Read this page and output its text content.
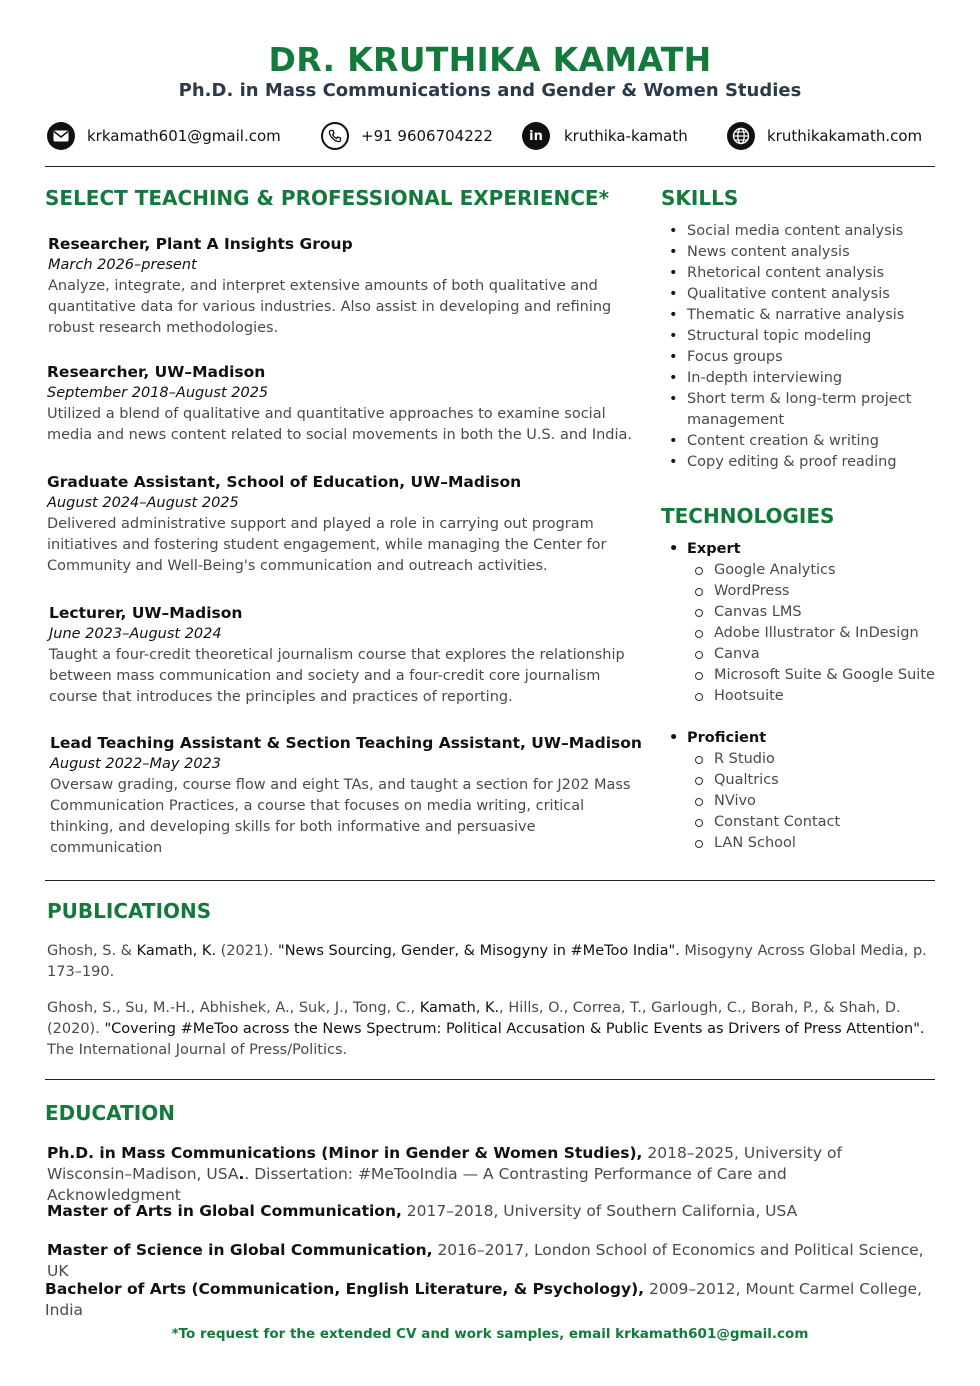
DR. KRUTHIKA KAMATH
Ph.D. in Mass Communications and Gender & Women Studies
krkamath601@gmail.com	+91 9606704222	in	kruthika-kamath	kruthikakamath.com
SELECT TEACHING & PROFESSIONAL EXPERIENCE*
Researcher, Plant A Insights Group
March 2026–present
Analyze, integrate, and interpret extensive amounts of both qualitative and quantitative data for various industries. Also assist in developing and refining robust research methodologies.
Researcher, UW–Madison
September 2018–August 2025
Utilized a blend of qualitative and quantitative approaches to examine social media and news content related to social movements in both the U.S. and India.
Graduate Assistant, School of Education, UW–Madison
August 2024–August 2025
Delivered administrative support and played a role in carrying out program initiatives and fostering student engagement, while managing the Center for Community and Well-Being's communication and outreach activities.
Lecturer, UW–Madison
June 2023–August 2024
Taught a four-credit theoretical journalism course that explores the relationship between mass communication and society and a four-credit core journalism course that introduces the principles and practices of reporting.
Lead Teaching Assistant & Section Teaching Assistant, UW–Madison
August 2022–May 2023
Oversaw grading, course flow and eight TAs, and taught a section for J202 Mass Communication Practices, a course that focuses on media writing, critical thinking, and developing skills for both informative and persuasive communication
SKILLS
• Social media content analysis
• News content analysis
• Rhetorical content analysis
• Qualitative content analysis
• Thematic & narrative analysis
• Structural topic modeling
• Focus groups
• In-depth interviewing
• Short term & long-term project management
• Content creation & writing
• Copy editing & proof reading
TECHNOLOGIES
• Expert
Google Analytics
WordPress
Canvas LMS
Adobe Illustrator & InDesign
Canva
Microsoft Suite & Google Suite
Hootsuite
• Proficient
R Studio
Qualtrics
NVivo
Constant Contact
LAN School
PUBLICATIONS
Ghosh, S. & Kamath, K. (2021). "News Sourcing, Gender, & Misogyny in #MeToo India". Misogyny Across Global Media, p. 173–190.
Ghosh, S., Su, M.-H., Abhishek, A., Suk, J., Tong, C., Kamath, K., Hills, O., Correa, T., Garlough, C., Borah, P., & Shah, D. (2020). "Covering #MeToo across the News Spectrum: Political Accusation & Public Events as Drivers of Press Attention". The International Journal of Press/Politics.
EDUCATION
Ph.D. in Mass Communications (Minor in Gender & Women Studies), 2018–2025, University of Wisconsin–Madison, USA.. Dissertation: #MeTooIndia — A Contrasting Performance of Care and Acknowledgment
Master of Arts in Global Communication, 2017–2018, University of Southern California, USA
Master of Science in Global Communication, 2016–2017, London School of Economics and Political Science, UK
Bachelor of Arts (Communication, English Literature, & Psychology), 2009–2012, Mount Carmel College, India
*To request for the extended CV and work samples, email krkamath601@gmail.com
